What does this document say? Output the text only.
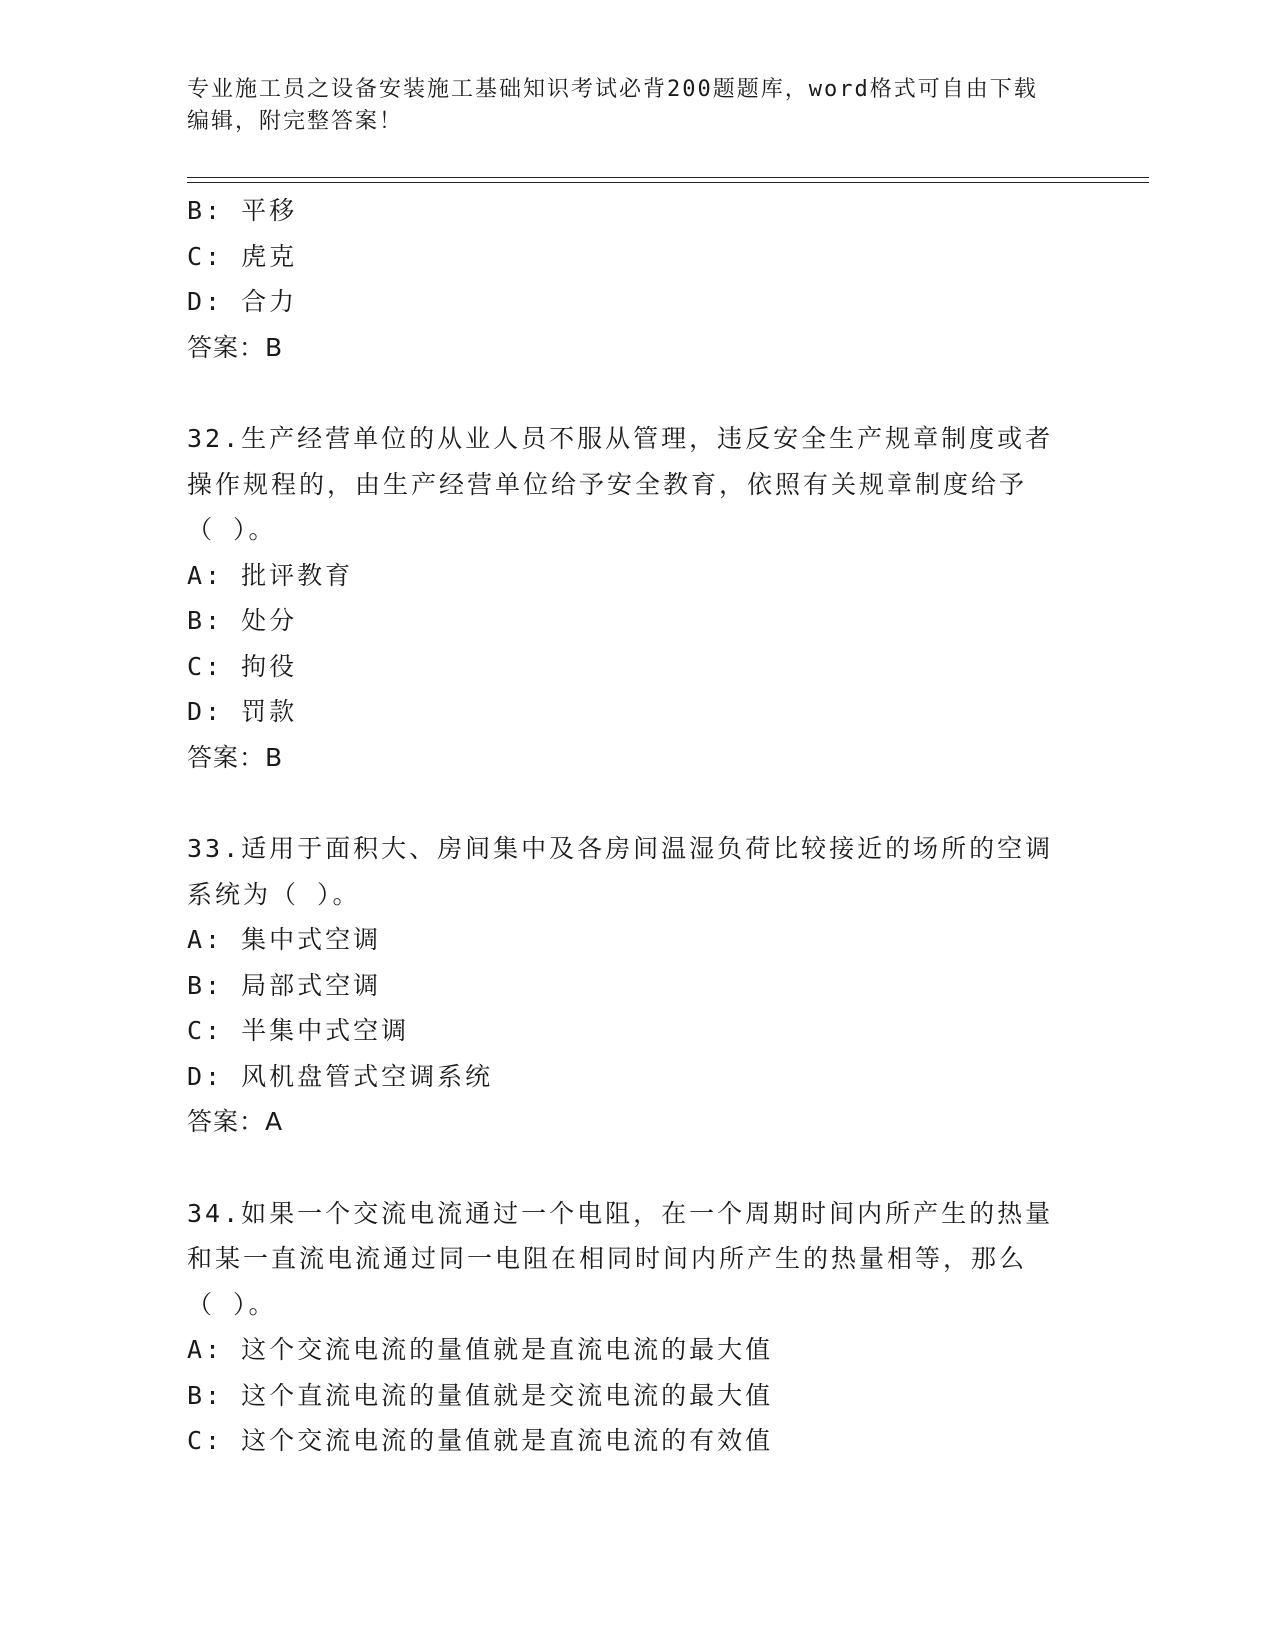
专业施工员之设备安装施工基础知识考试必背200题题库，word格式可自由下载
编辑，附完整答案！
B: 平移
C: 虎克
D: 合力
答案：B
32.生产经营单位的从业人员不服从管理，违反安全生产规章制度或者
操作规程的，由生产经营单位给予安全教育，依照有关规章制度给予
（ ）。
A: 批评教育
B: 处分
C: 拘役
D: 罚款
答案：B
33.适用于面积大、房间集中及各房间温湿负荷比较接近的场所的空调
系统为（ ）。
A: 集中式空调
B: 局部式空调
C: 半集中式空调
D: 风机盘管式空调系统
答案：A
34.如果一个交流电流通过一个电阻，在一个周期时间内所产生的热量
和某一直流电流通过同一电阻在相同时间内所产生的热量相等，那么
（ ）。
A: 这个交流电流的量值就是直流电流的最大值
B: 这个直流电流的量值就是交流电流的最大值
C: 这个交流电流的量值就是直流电流的有效值
